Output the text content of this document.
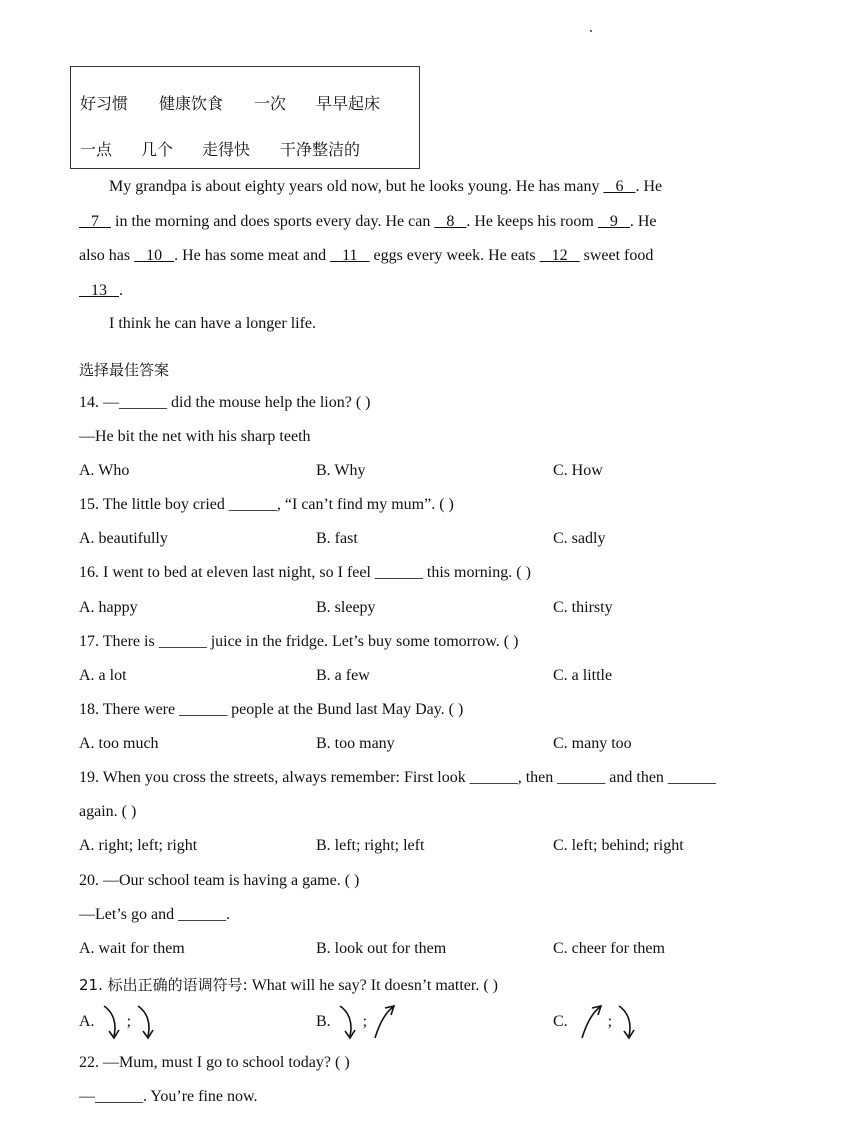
好习惯 健康饮食 一次 早早起床
一点 几个 走得快 干净整洁的
My grandpa is about eighty years old now, but he looks young. He has many    6   . He
7    in the morning and does sports every day. He can    8   . He keeps his room    9   . He
also has    10   . He has some meat and    11    eggs every week. He eats    12    sweet food
13   .
I think he can have a longer life.
选择最佳答案
14. —______ did the mouse help the lion? ( )
—He bit the net with his sharp teeth
A. Who	B. Why	C. How
15. The little boy cried ______, “I can’t find my mum”. ( )
A. beautifully	B. fast	C. sadly
16. I went to bed at eleven last night, so I feel ______ this morning. ( )
A. happy	B. sleepy	C. thirsty
17. There is ______ juice in the fridge. Let’s buy some tomorrow. ( )
A. a lot	B. a few	C. a little
18. There were ______ people at the Bund last May Day. ( )
A. too much	B. too many	C. many too
19. When you cross the streets, always remember: First look ______, then ______ and then ______
again. ( )
A. right; left; right	B. left; right; left	C. left; behind; right
20. —Our school team is having a game. ( )
—Let’s go and ______.
A. wait for them	B. look out for them	C. cheer for them
21. 标出正确的语调符号: What will he say? It doesn’t matter. ( )
A. ;	B. ;	C.	;
22. —Mum, must I go to school today? ( )
—______. You’re fine now.
